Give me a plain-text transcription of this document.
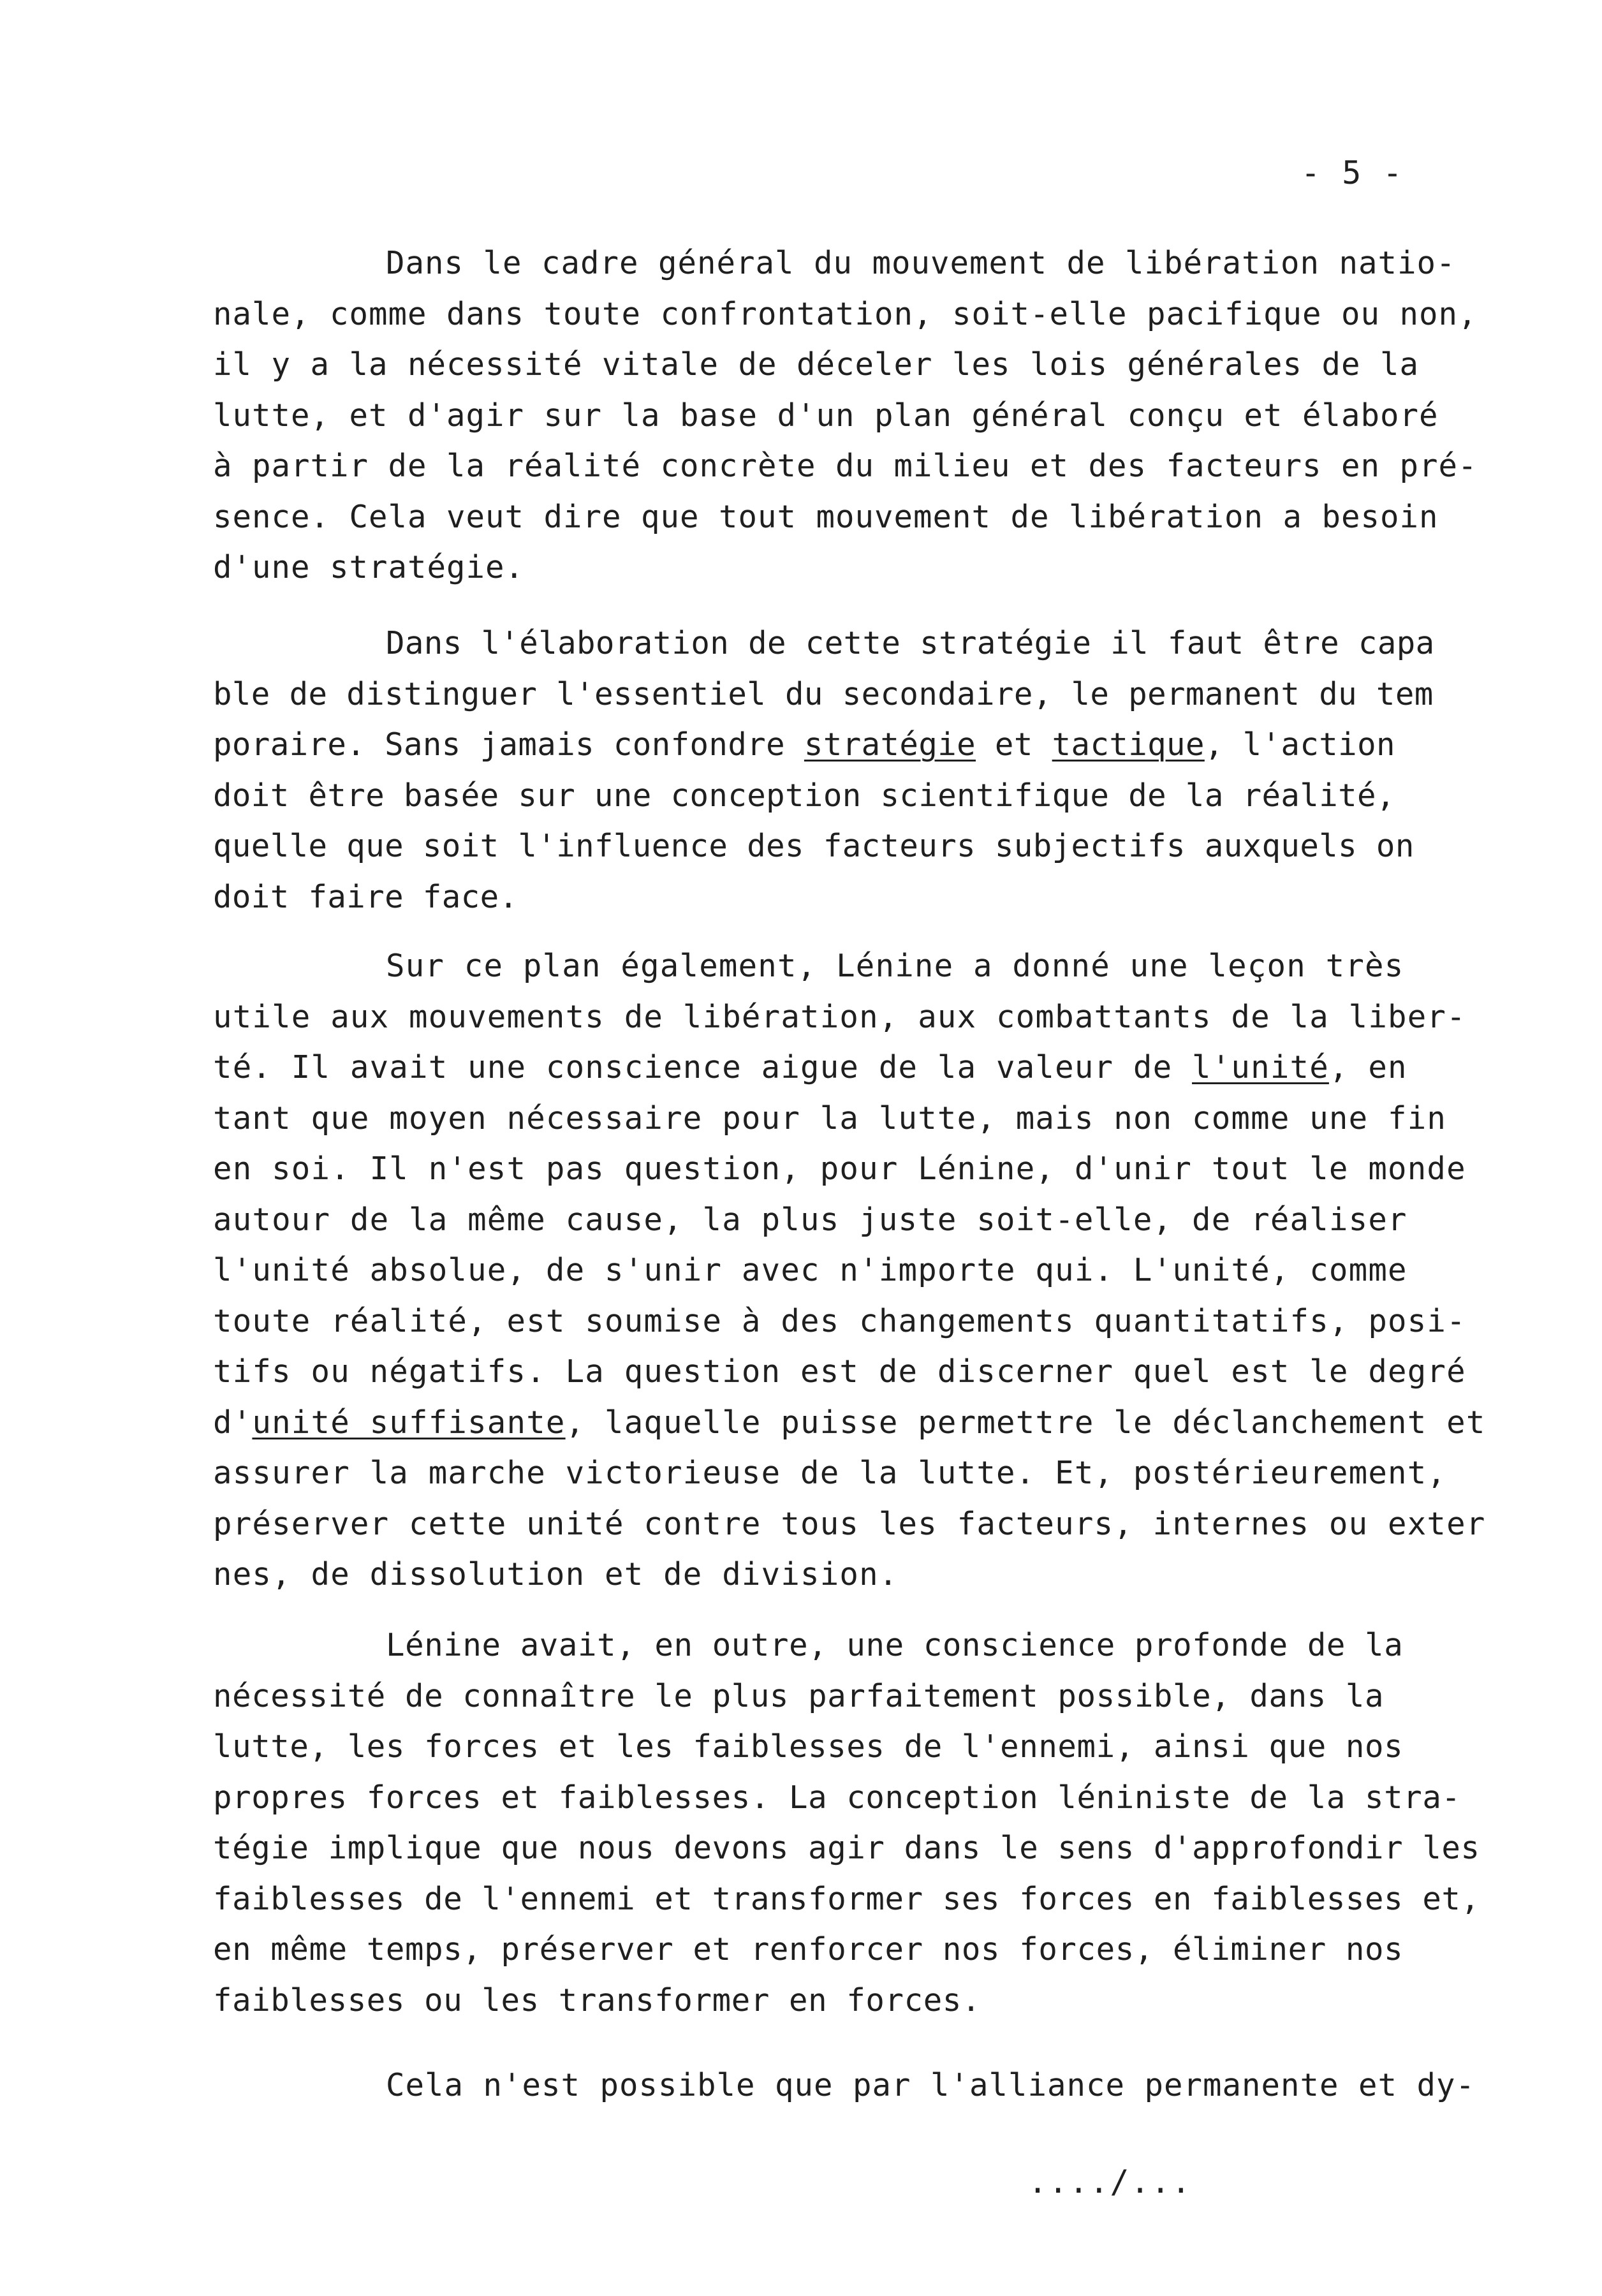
- 5 -
Dans le cadre général du mouvement de libération natio-
nale, comme dans toute confrontation, soit-elle pacifique ou non,
il y a la nécessité vitale de déceler les lois générales de la
lutte, et d'agir sur la base d'un plan général conçu et élaboré
à partir de la réalité concrète du milieu et des facteurs en pré-
sence. Cela veut dire que tout mouvement de libération a besoin
d'une stratégie.
Dans l'élaboration de cette stratégie il faut être capa
ble de distinguer l'essentiel du secondaire, le permanent du tem
poraire. Sans jamais confondre stratégie et tactique, l'action
doit être basée sur une conception scientifique de la réalité,
quelle que soit l'influence des facteurs subjectifs auxquels on
doit faire face.
Sur ce plan également, Lénine a donné une leçon très
utile aux mouvements de libération, aux combattants de la liber-
té. Il avait une conscience aigue de la valeur de l'unité, en
tant que moyen nécessaire pour la lutte, mais non comme une fin
en soi. Il n'est pas question, pour Lénine, d'unir tout le monde
autour de la même cause, la plus juste soit-elle, de réaliser
l'unité absolue, de s'unir avec n'importe qui. L'unité, comme
toute réalité, est soumise à des changements quantitatifs, posi-
tifs ou négatifs. La question est de discerner quel est le degré
d'unité suffisante, laquelle puisse permettre le déclanchement et
assurer la marche victorieuse de la lutte. Et, postérieurement,
préserver cette unité contre tous les facteurs, internes ou exter
nes, de dissolution et de division.
Lénine avait, en outre, une conscience profonde de la
nécessité de connaître le plus parfaitement possible, dans la
lutte, les forces et les faiblesses de l'ennemi, ainsi que nos
propres forces et faiblesses. La conception léniniste de la stra-
tégie implique que nous devons agir dans le sens d'approfondir les
faiblesses de l'ennemi et transformer ses forces en faiblesses et,
en même temps, préserver et renforcer nos forces, éliminer nos
faiblesses ou les transformer en forces.
Cela n'est possible que par l'alliance permanente et dy-
..../...
